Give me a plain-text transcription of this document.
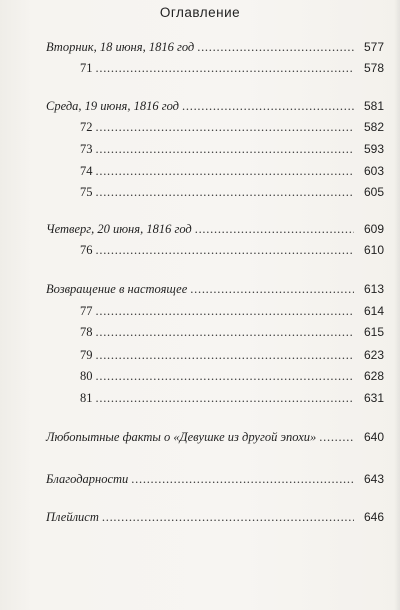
Оглавление
Вторник, 18 июня, 1816 год . . .	577
71 . . .	578
Среда, 19 июня, 1816 год . . .	581
72 . . .	582
73 . . .	593
74 . . .	603
75 . . .	605
Четверг, 20 июня, 1816 год . . .	609
76 . . .	610
Возвращение в настоящее . . .	613
77 . . .	614
78 . . .	615
79 . . .	623
80 . . .	628
81 . . .	631
Любопытные факты о «Девушке из другой эпохи» . . .	640
Благодарности . . .	643
Плейлист . . .	646
